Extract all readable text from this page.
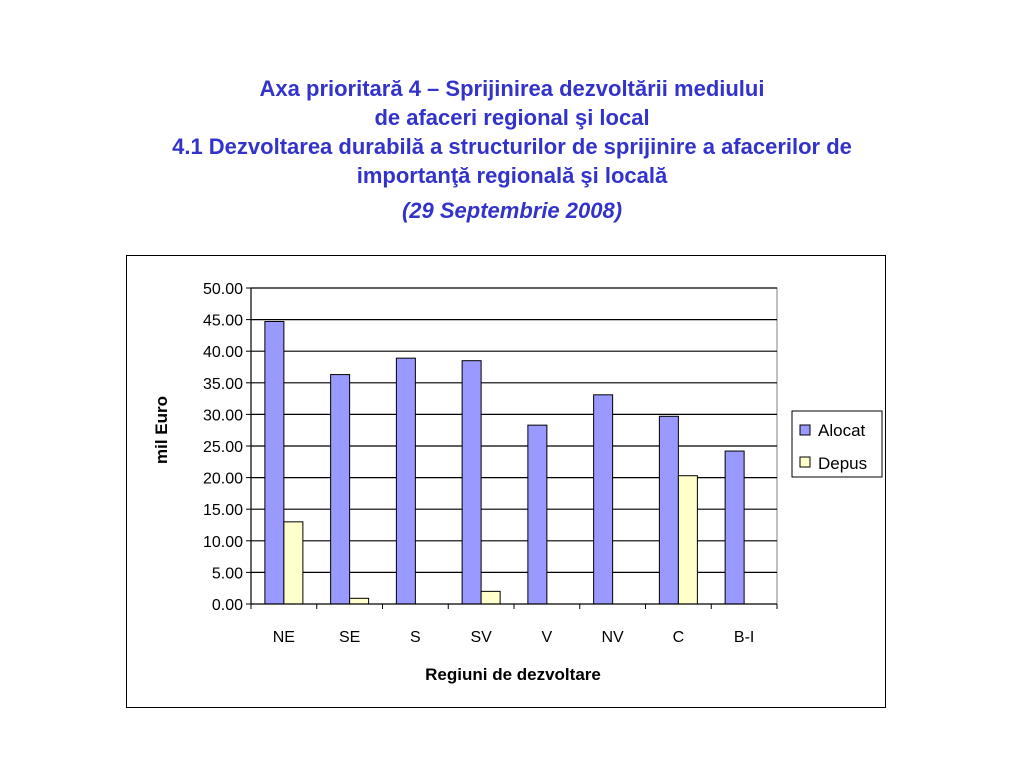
Axa prioritară 4 – Sprijinirea dezvoltării mediului
de afaceri regional şi local
4.1 Dezvoltarea durabilă a structurilor de sprijinire a afacerilor de
importanţă regională şi locală
(29 Septembrie 2008)
0.00
5.00
10.00
15.00
20.00
25.00
30.00
35.00
40.00
45.00
50.00
NE	SE	S	SV	V	NV	C	B-I
mil Euro
Regiuni de dezvoltare
Alocat
Depus
